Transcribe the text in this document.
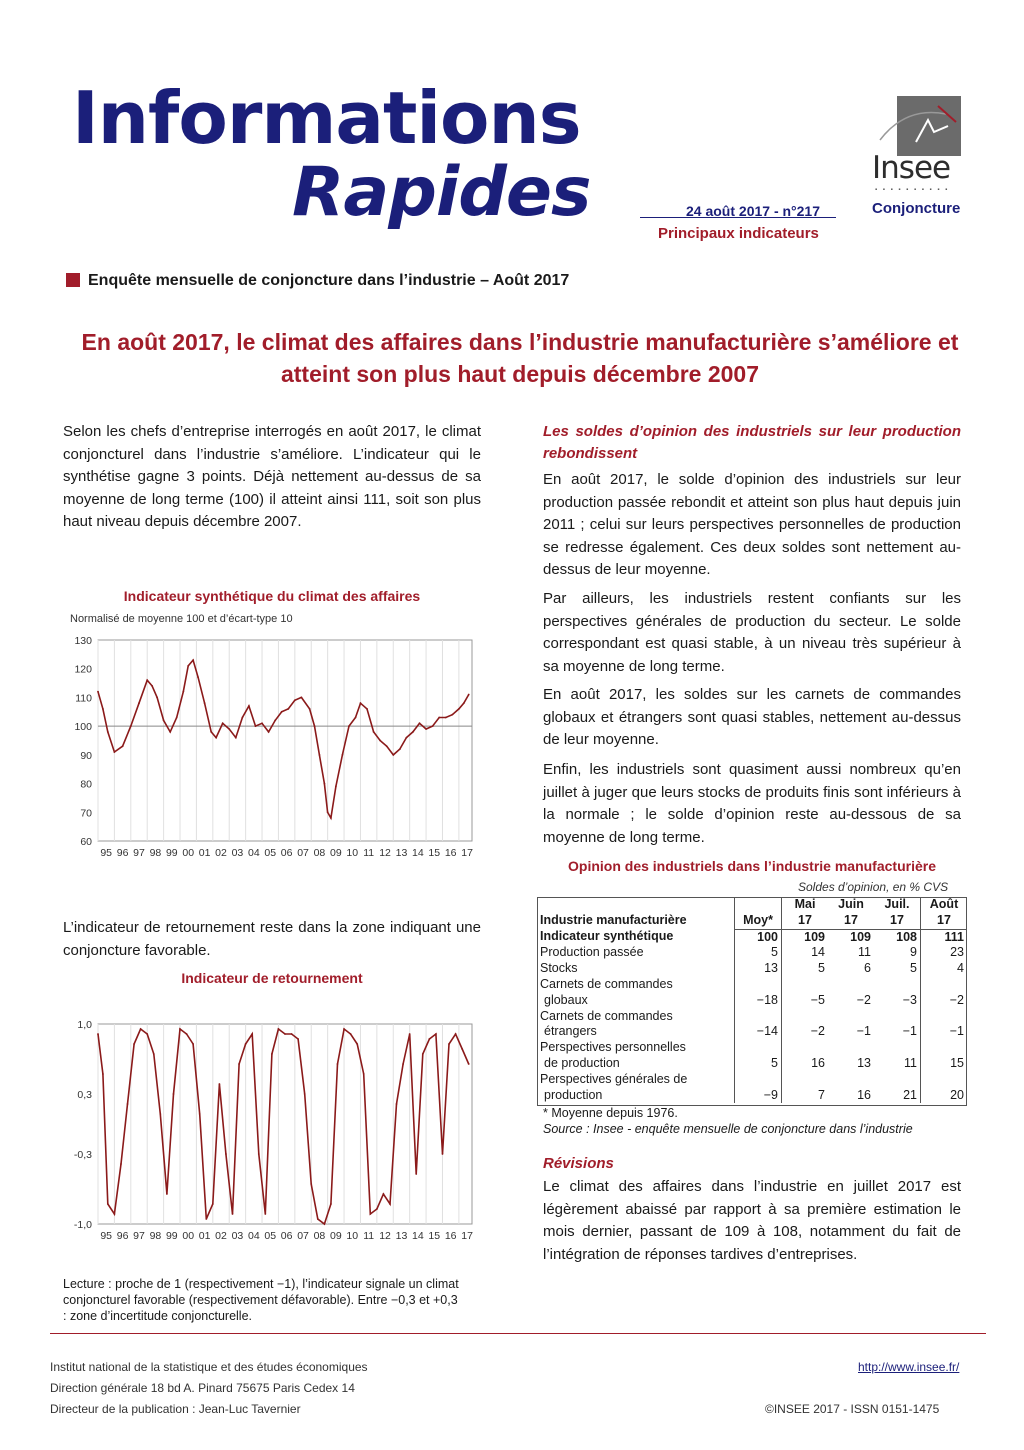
Informations
Rapides	24 août 2017 - n°217
Principaux indicateurs
Insee
▪ ▪ ▪ ▪ ▪ ▪ ▪ ▪ ▪ ▪
Conjoncture
Enquête mensuelle de conjoncture dans l’industrie – Août 2017
En août 2017, le climat des affaires dans l’industrie manufacturière s’améliore et atteint son plus haut depuis décembre 2007
Selon les chefs d’entreprise interrogés en août 2017, le climat conjoncturel dans l’industrie s’améliore. L’indicateur qui le synthétise gagne 3 points. Déjà nettement au-dessus de sa moyenne de long terme (100) il atteint ainsi 111, soit son plus haut niveau depuis décembre 2007.
Indicateur synthétique du climat des affaires
Normalisé de moyenne 100 et d’écart-type 10
95 96 97 98 99 00 01 02 03 04 05 06 07 08 09 10 11 12 13 14 15 16 17
60
70
80
90
100
110
120
130
L’indicateur de retournement reste dans la zone indiquant une conjoncture favorable.
Indicateur de retournement
95 96 97 98 99 00 01 02 03 04 05 06 07 08 09 10 11 12 13 14 15 16 17
-1,0
-0,3
0,3
1,0
Lecture : proche de 1 (respectivement −1), l’indicateur signale un climat conjoncturel favorable (respectivement défavorable). Entre −0,3 et +0,3 : zone d’incertitude conjoncturelle.
Les soldes d’opinion des industriels sur leur production rebondissent
En août 2017, le solde d’opinion des industriels sur leur production passée rebondit et atteint son plus haut depuis juin 2011 ; celui sur leurs perspectives personnelles de production se redresse également. Ces deux soldes sont nettement au-dessus de leur moyenne.
Par ailleurs, les industriels restent confiants sur les perspectives générales de production du secteur. Le solde correspondant est quasi stable, à un niveau très supérieur à sa moyenne de long terme.
En août 2017, les soldes sur les carnets de commandes globaux et étrangers sont quasi stables, nettement au-dessus de leur moyenne.
Enfin, les industriels sont quasiment aussi nombreux qu’en juillet à juger que leurs stocks de produits finis sont inférieurs à la normale ; le solde d’opinion reste au-dessous de sa moyenne de long terme.
Opinion des industriels dans l’industrie manufacturière
Soldes d’opinion, en % CVS
Industrie manufacturière		Mai	Juin	Juil.	Août
	Moy*	17	17	17	17

Indicateur synthétique	100	109	109	108	111

Production passée	5	14	11	9	23

Stocks	13	5	6	5	4

Carnets de commandes
globaux	−18	−5	−2	−3	−2

Carnets de commandes
étrangers	−14	−2	−1	−1	−1

Perspectives personnelles
de production	5	16	13	11	15

Perspectives générales de
production	−9	7	16	21	20
* Moyenne depuis 1976.
Source : Insee - enquête mensuelle de conjoncture dans l’industrie
Révisions
Le climat des affaires dans l’industrie en juillet 2017 est légèrement abaissé par rapport à sa première estimation le mois dernier, passant de 109 à 108, notamment du fait de l’intégration de réponses tardives d’entreprises.
Institut national de la statistique et des études économiques
Direction générale 18 bd A. Pinard 75675 Paris Cedex 14
Directeur de la publication : Jean-Luc Tavernier
http://www.insee.fr/
©INSEE 2017 - ISSN 0151-1475
